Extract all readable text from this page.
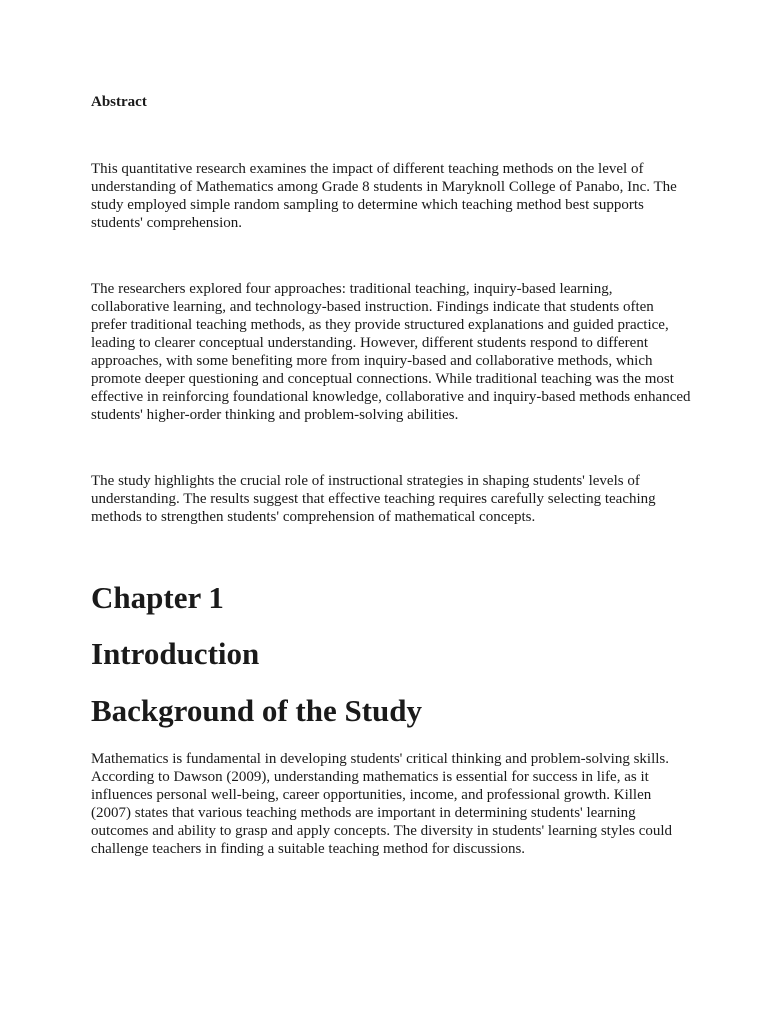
Abstract

This quantitative research examines the impact of different teaching methods on the level of understanding of Mathematics among Grade 8 students in Maryknoll College of Panabo, Inc. The study employed simple random sampling to determine which teaching method best supports students' comprehension.

The researchers explored four approaches: traditional teaching, inquiry-based learning, collaborative learning, and technology-based instruction. Findings indicate that students often prefer traditional teaching methods, as they provide structured explanations and guided practice, leading to clearer conceptual understanding. However, different students respond to different approaches, with some benefiting more from inquiry-based and collaborative methods, which promote deeper questioning and conceptual connections. While traditional teaching was the most effective in reinforcing foundational knowledge, collaborative and inquiry-based methods enhanced students' higher-order thinking and problem-solving abilities.

The study highlights the crucial role of instructional strategies in shaping students' levels of understanding. The results suggest that effective teaching requires carefully selecting teaching methods to strengthen students' comprehension of mathematical concepts.

Chapter 1
Introduction
Background of the Study

Mathematics is fundamental in developing students' critical thinking and problem-solving skills. According to Dawson (2009), understanding mathematics is essential for success in life, as it influences personal well-being, career opportunities, income, and professional growth. Killen (2007) states that various teaching methods are important in determining students' learning outcomes and ability to grasp and apply concepts. The diversity in students' learning styles could challenge teachers in finding a suitable teaching method for discussions.
